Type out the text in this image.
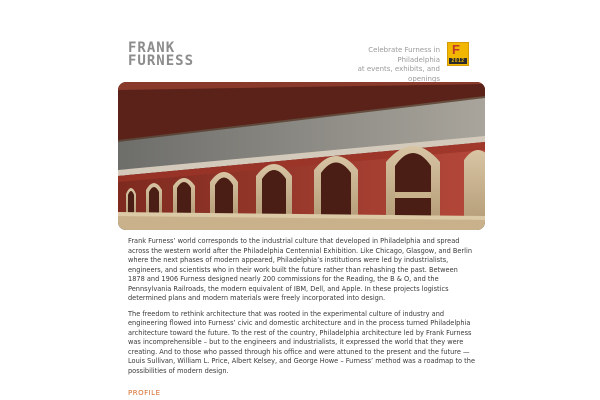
FRANK
FURNESS
Celebrate Furness in
Philadelphia
at events, exhibits, and
openings
F
2012

Frank Furness’ world corresponds to the industrial culture that developed in Philadelphia and spread across the western world after the Philadelphia Centennial Exhibition. Like Chicago, Glasgow, and Berlin where the next phases of modern appeared, Philadelphia’s institutions were led by industrialists, engineers, and scientists who in their work built the future rather than rehashing the past. Between 1878 and 1906 Furness designed nearly 200 commissions for the Reading, the B & O, and the Pennsylvania Railroads, the modern equivalent of IBM, Dell, and Apple. In these projects logistics determined plans and modern materials were freely incorporated into design.

The freedom to rethink architecture that was rooted in the experimental culture of industry and engineering flowed into Furness’ civic and domestic architecture and in the process turned Philadelphia architecture toward the future. To the rest of the country, Philadelphia architecture led by Frank Furness was incomprehensible – but to the engineers and industrialists, it expressed the world that they were creating. And to those who passed through his office and were attuned to the present and the future — Louis Sullivan, William L. Price, Albert Kelsey, and George Howe – Furness’ method was a roadmap to the possibilities of modern design.

PROFILE
